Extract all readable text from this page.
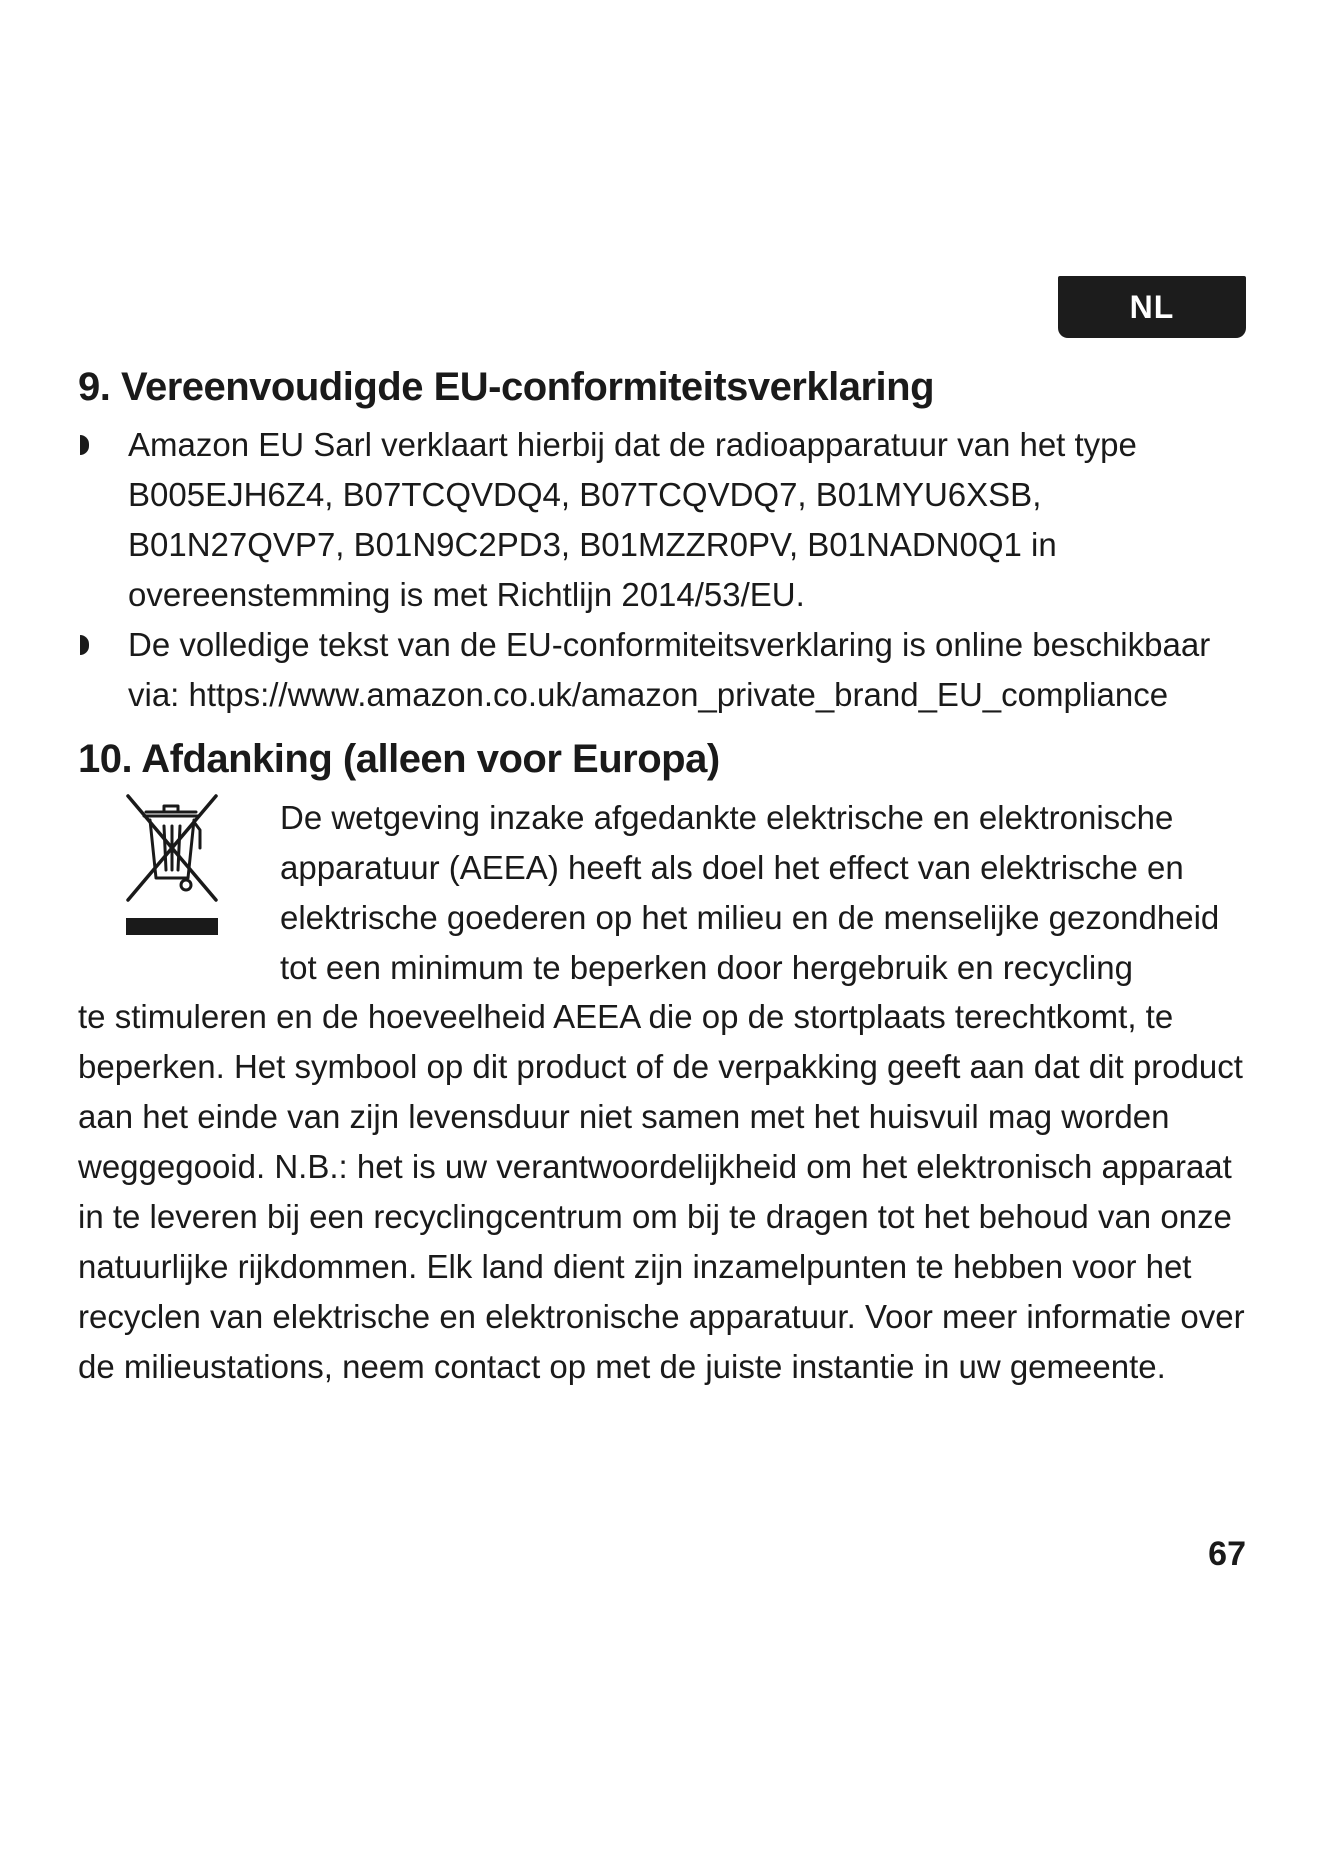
NL
9. Vereenvoudigde EU-conformiteitsverklaring
Amazon EU Sarl verklaart hierbij dat de radioapparatuur van het type B005EJH6Z4, B07TCQVDQ4, B07TCQVDQ7, B01MYU6XSB, B01N27QVP7, B01N9C2PD3, B01MZZR0PV, B01NADN0Q1 in overeenstemming is met Richtlijn 2014/53/EU.
De volledige tekst van de EU-conformiteitsverklaring is online beschikbaar via: https://www.amazon.co.uk/amazon_private_brand_EU_compliance
10. Afdanking (alleen voor Europa)

De wetgeving inzake afgedankte elektrische en elektronische apparatuur (AEEA) heeft als doel het effect van elektrische en elektrische goederen op het milieu en de menselijke gezondheid tot een minimum te beperken door hergebruik en recycling

te stimuleren en de hoeveelheid AEEA die op de stortplaats terechtkomt, te beperken. Het symbool op dit product of de verpakking geeft aan dat dit product aan het einde van zijn levensduur niet samen met het huisvuil mag worden weggegooid. N.B.: het is uw verantwoordelijkheid om het elektronisch apparaat in te leveren bij een recyclingcentrum om bij te dragen tot het behoud van onze natuurlijke rijkdommen. Elk land dient zijn inzamelpunten te hebben voor het recyclen van elektrische en elektronische apparatuur. Voor meer informatie over de milieustations, neem contact op met de juiste instantie in uw gemeente.

67
